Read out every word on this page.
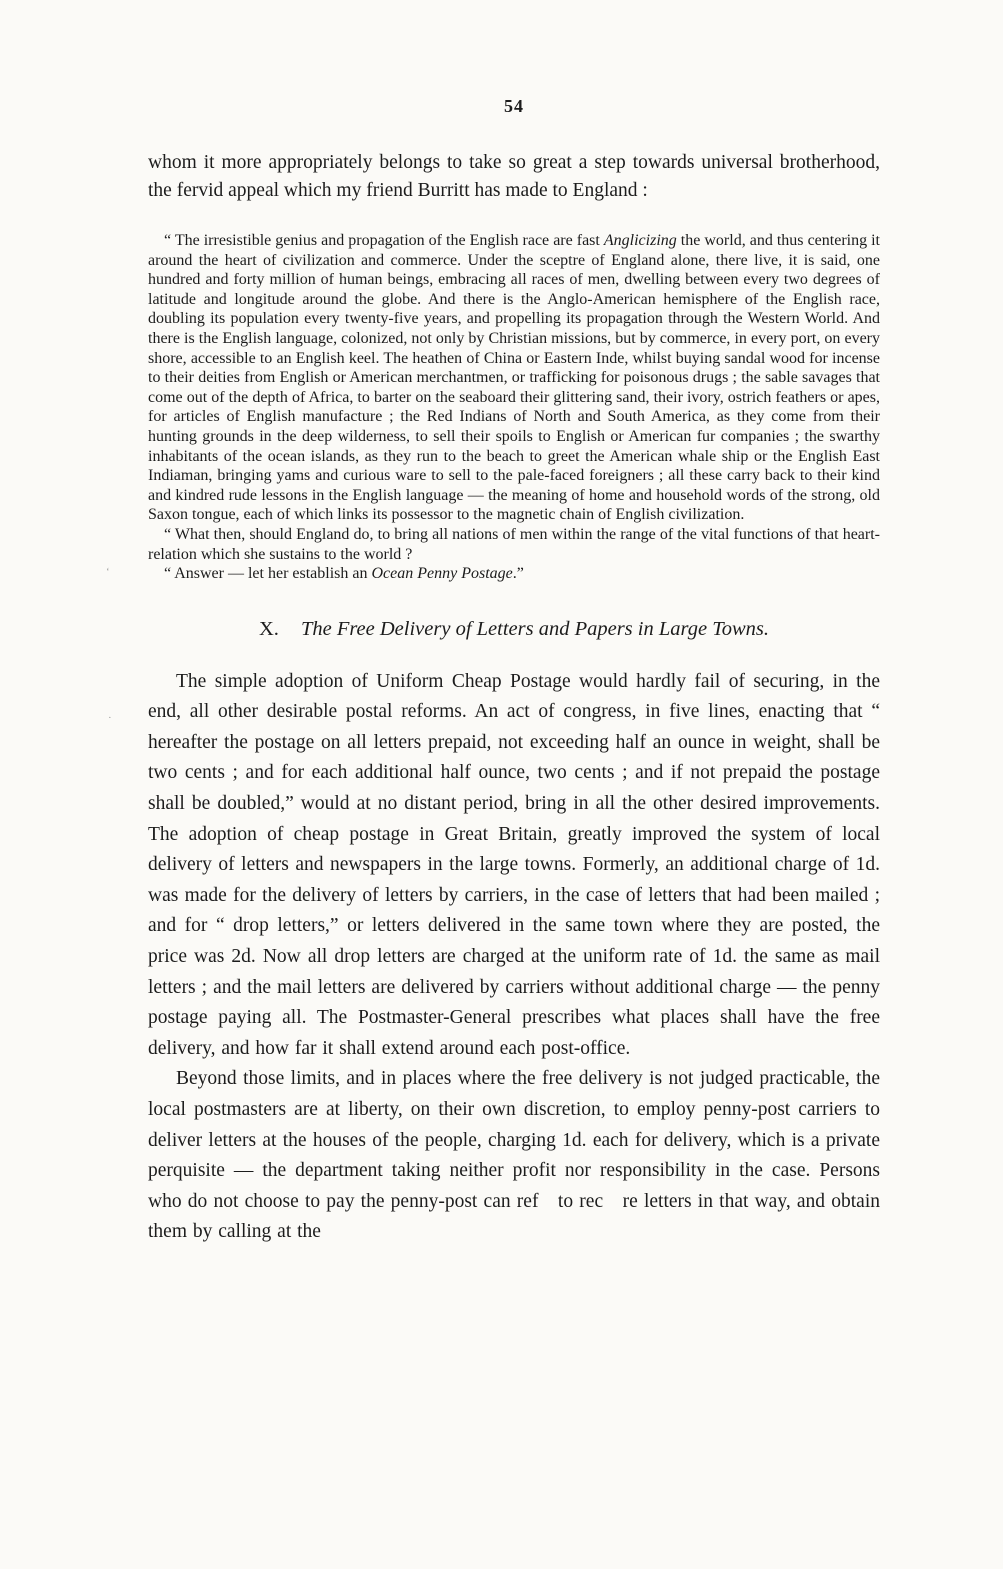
54

whom it more appropriately belongs to take so great a step towards universal brotherhood, the fervid appeal which my friend Burritt has made to England :

“ The irresistible genius and propagation of the English race are fast Anglicizing the world, and thus centering it around the heart of civilization and commerce. Under the sceptre of England alone, there live, it is said, one hundred and forty million of human beings, embracing all races of men, dwelling between every two degrees of latitude and longitude around the globe. And there is the Anglo-American hemisphere of the English race, doubling its population every twenty-five years, and propelling its propagation through the Western World. And there is the English language, colonized, not only by Christian missions, but by commerce, in every port, on every shore, accessible to an English keel. The heathen of China or Eastern Inde, whilst buying sandal wood for incense to their deities from English or American merchantmen, or trafficking for poisonous drugs ; the sable savages that come out of the depth of Africa, to barter on the seaboard their glittering sand, their ivory, ostrich feathers or apes, for articles of English manufacture ; the Red Indians of North and South America, as they come from their hunting grounds in the deep wilderness, to sell their spoils to English or American fur companies ; the swarthy inhabitants of the ocean islands, as they run to the beach to greet the American whale ship or the English East Indiaman, bringing yams and curious ware to sell to the pale-faced foreigners ; all these carry back to their kind and kindred rude lessons in the English language — the meaning of home and household words of the strong, old Saxon tongue, each of which links its possessor to the magnetic chain of English civilization.

“ What then, should England do, to bring all nations of men within the range of the vital functions of that heart-relation which she sustains to the world ?

“ Answer — let her establish an Ocean Penny Postage.”

X. The Free Delivery of Letters and Papers in Large Towns.

The simple adoption of Uniform Cheap Postage would hardly fail of securing, in the end, all other desirable postal reforms. An act of congress, in five lines, enacting that “ hereafter the postage on all letters prepaid, not exceeding half an ounce in weight, shall be two cents ; and for each additional half ounce, two cents ; and if not prepaid the postage shall be doubled,” would at no distant period, bring in all the other desired improvements. The adoption of cheap postage in Great Britain, greatly improved the system of local delivery of letters and newspapers in the large towns. Formerly, an additional charge of 1d. was made for the delivery of letters by carriers, in the case of letters that had been mailed ; and for “ drop letters,” or letters delivered in the same town where they are posted, the price was 2d. Now all drop letters are charged at the uniform rate of 1d. the same as mail letters ; and the mail letters are delivered by carriers without additional charge — the penny postage paying all. The Postmaster-General prescribes what places shall have the free delivery, and how far it shall extend around each post-office.

Beyond those limits, and in places where the free delivery is not judged practicable, the local postmasters are at liberty, on their own discretion, to employ penny-post carriers to deliver letters at the houses of the people, charging 1d. each for delivery, which is a private perquisite — the department taking neither profit nor responsibility in the case. Persons who do not choose to pay the penny-post can ref to rec re letters in that way, and obtain them by calling at the

‘
·
